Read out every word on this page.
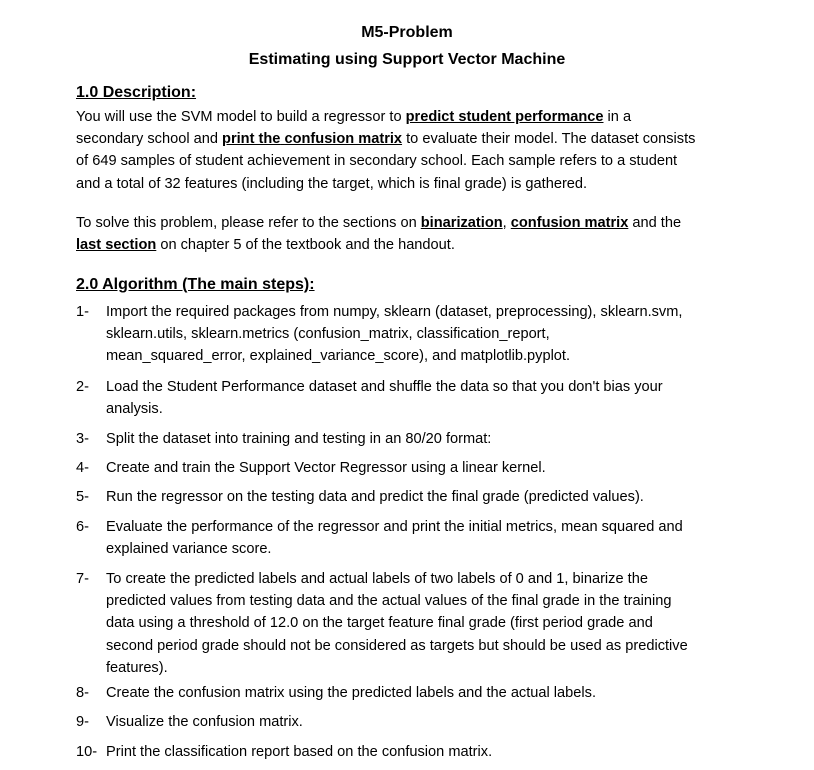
M5-Problem
Estimating using Support Vector Machine
1.0 Description:
You will use the SVM model to build a regressor to predict student performance in a
secondary school and print the confusion matrix to evaluate their model. The dataset consists
of 649 samples of student achievement in secondary school. Each sample refers to a student
and a total of 32 features (including the target, which is final grade) is gathered.
To solve this problem, please refer to the sections on binarization, confusion matrix and the
last section on chapter 5 of the textbook and the handout.
2.0 Algorithm (The main steps):
1- Import the required packages from numpy, sklearn (dataset, preprocessing), sklearn.svm,
sklearn.utils, sklearn.metrics (confusion_matrix, classification_report,
mean_squared_error, explained_variance_score), and matplotlib.pyplot.
2- Load the Student Performance dataset and shuffle the data so that you don't bias your
analysis.
3- Split the dataset into training and testing in an 80/20 format:
4- Create and train the Support Vector Regressor using a linear kernel.
5- Run the regressor on the testing data and predict the final grade (predicted values).
6- Evaluate the performance of the regressor and print the initial metrics, mean squared and
explained variance score.
7- To create the predicted labels and actual labels of two labels of 0 and 1, binarize the
predicted values from testing data and the actual values of the final grade in the training
data using a threshold of 12.0 on the target feature final grade (first period grade and
second period grade should not be considered as targets but should be used as predictive
features).
8- Create the confusion matrix using the predicted labels and the actual labels.
9- Visualize the confusion matrix.
10- Print the classification report based on the confusion matrix.
